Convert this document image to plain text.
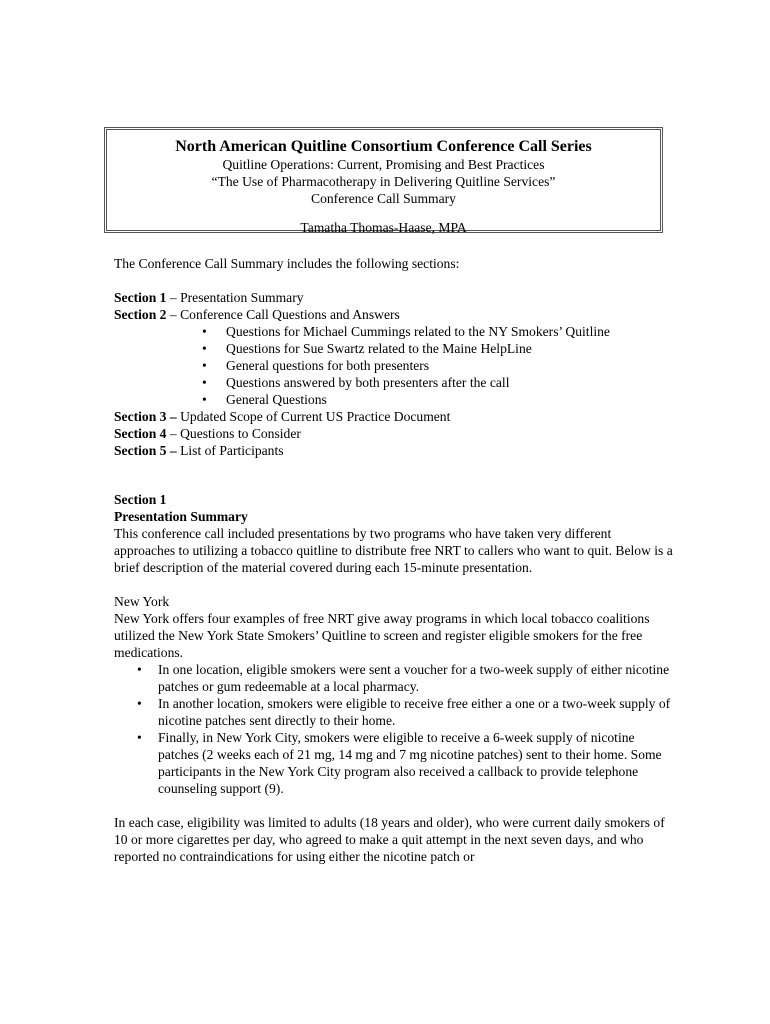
North American Quitline Consortium Conference Call Series
Quitline Operations: Current, Promising and Best Practices
“The Use of Pharmacotherapy in Delivering Quitline Services”
Conference Call Summary
Tamatha Thomas-Haase, MPA

The Conference Call Summary includes the following sections:

Section 1 – Presentation Summary
Section 2 – Conference Call Questions and Answers
• Questions for Michael Cummings related to the NY Smokers’ Quitline
• Questions for Sue Swartz related to the Maine HelpLine
• General questions for both presenters
• Questions answered by both presenters after the call
• General Questions
Section 3 – Updated Scope of Current US Practice Document
Section 4 – Questions to Consider
Section 5 – List of Participants
Section 1
Presentation Summary

This conference call included presentations by two programs who have taken very different approaches to utilizing a tobacco quitline to distribute free NRT to callers who want to quit. Below is a brief description of the material covered during each 15-minute presentation.

New York

New York offers four examples of free NRT give away programs in which local tobacco coalitions utilized the New York State Smokers’ Quitline to screen and register eligible smokers for the free medications.

• In one location, eligible smokers were sent a voucher for a two-week supply of either nicotine patches or gum redeemable at a local pharmacy.
• In another location, smokers were eligible to receive free either a one or a two-week supply of nicotine patches sent directly to their home.
• Finally, in New York City, smokers were eligible to receive a 6-week supply of nicotine patches (2 weeks each of 21 mg, 14 mg and 7 mg nicotine patches) sent to their home. Some participants in the New York City program also received a callback to provide telephone counseling support (9).

In each case, eligibility was limited to adults (18 years and older), who were current daily smokers of 10 or more cigarettes per day, who agreed to make a quit attempt in the next seven days, and who reported no contraindications for using either the nicotine patch or
